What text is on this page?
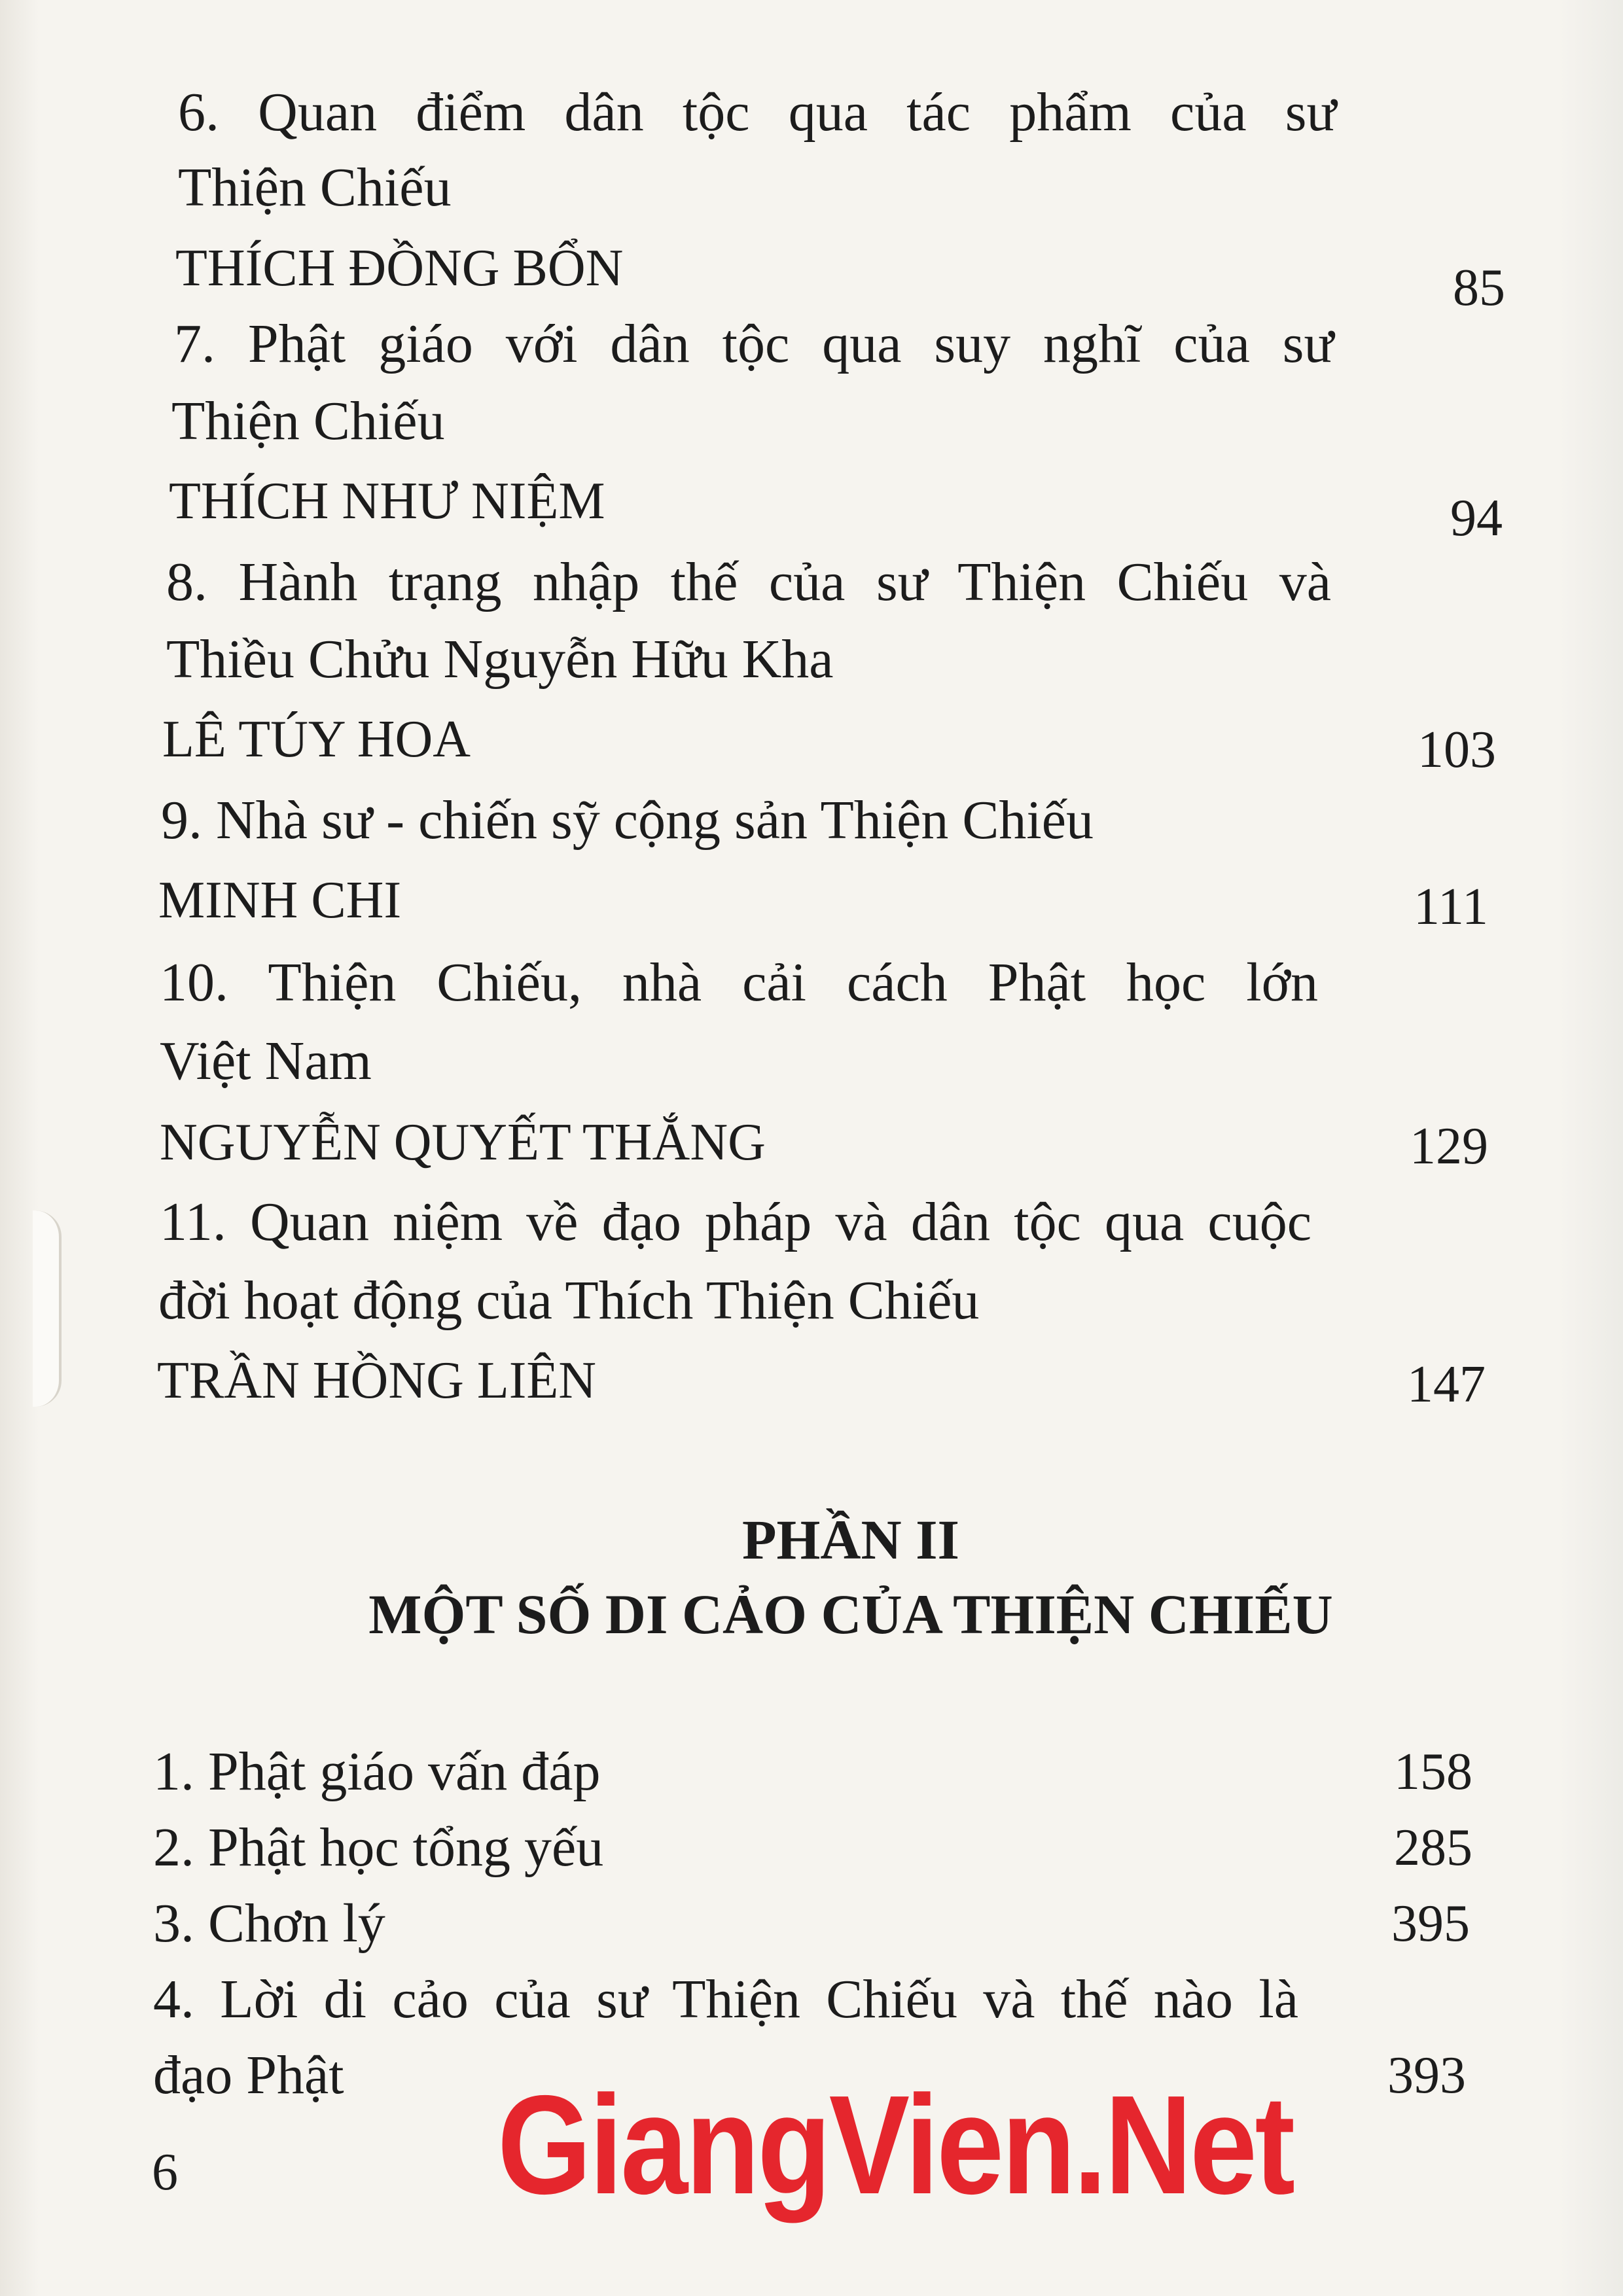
6. Quan điểm dân tộc qua tác phẩm của sư
Thiện Chiếu
THÍCH ĐỒNG BỔN	85
7. Phật giáo với dân tộc qua suy nghĩ của sư
Thiện Chiếu
THÍCH NHƯ NIỆM	94
8. Hành trạng nhập thế của sư Thiện Chiếu và
Thiều Chửu Nguyễn Hữu Kha
LÊ TÚY HOA	103
9. Nhà sư - chiến sỹ cộng sản Thiện Chiếu
MINH CHI	111
10. Thiện Chiếu, nhà cải cách Phật học lớn
Việt Nam
NGUYỄN QUYẾT THẮNG	129
11. Quan niệm về đạo pháp và dân tộc qua cuộc
đời hoạt động của Thích Thiện Chiếu
TRẦN HỒNG LIÊN	147
PHẦN II
MỘT SỐ DI CẢO CỦA THIỆN CHIẾU
1. Phật giáo vấn đáp	158
2. Phật học tổng yếu	285
3. Chơn lý	395
4. Lời di cảo của sư Thiện Chiếu và thế nào là
đạo Phật	393
6 GiangVien.Net
